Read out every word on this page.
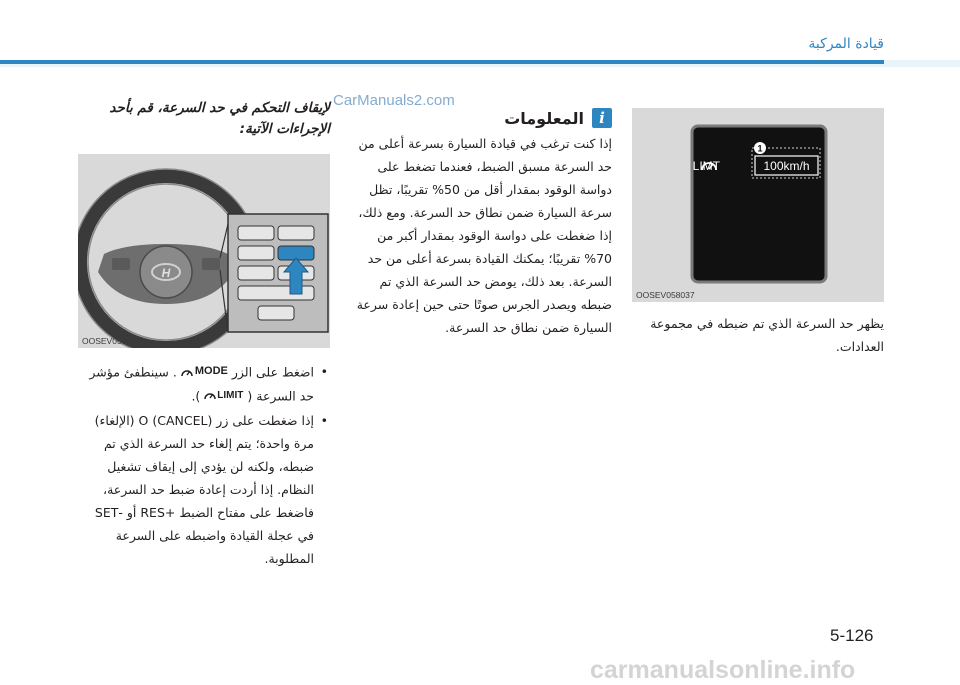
قيادة المركبة
CarManuals2.com

لإيقاف التحكم في حد السرعة، قم بأحد الإجراءات الآتية:

H
OOSEV058084L
• اضغط على الزر
MODE
. سينطفئ مؤشر حد السرعة (
LIMIT
).
• إذا ضغطت على زر O (CANCEL) (الإلغاء) مرة واحدة؛ يتم إلغاء حد السرعة الذي تم ضبطه، ولكنه لن يؤدي إلى إيقاف تشغيل النظام. إذا أردت إعادة ضبط حد السرعة، فاضغط على مفتاح الضبط +RES أو -SET في عجلة القيادة واضبطه على السرعة المطلوبة.
i
المعلومات

إذا كنت ترغب في قيادة السيارة بسرعة أعلى من حد السرعة مسبق الضبط، فعندما تضغط على دواسة الوقود بمقدار أقل من 50% تقريبًا، تظل سرعة السيارة ضمن نطاق حد السرعة. ومع ذلك، إذا ضغطت على دواسة الوقود بمقدار أكبر من 70% تقريبًا؛ يمكنك القيادة بسرعة أعلى من حد السرعة. بعد ذلك، يومض حد السرعة الذي تم ضبطه ويصدر الجرس صوتًا حتى حين إعادة سرعة السيارة ضمن نطاق حد السرعة.

1
LIMT	100km/h
OOSEV058037

يظهر حد السرعة الذي تم ضبطه في مجموعة العدادات.

5-126
carmanualsonline.info
